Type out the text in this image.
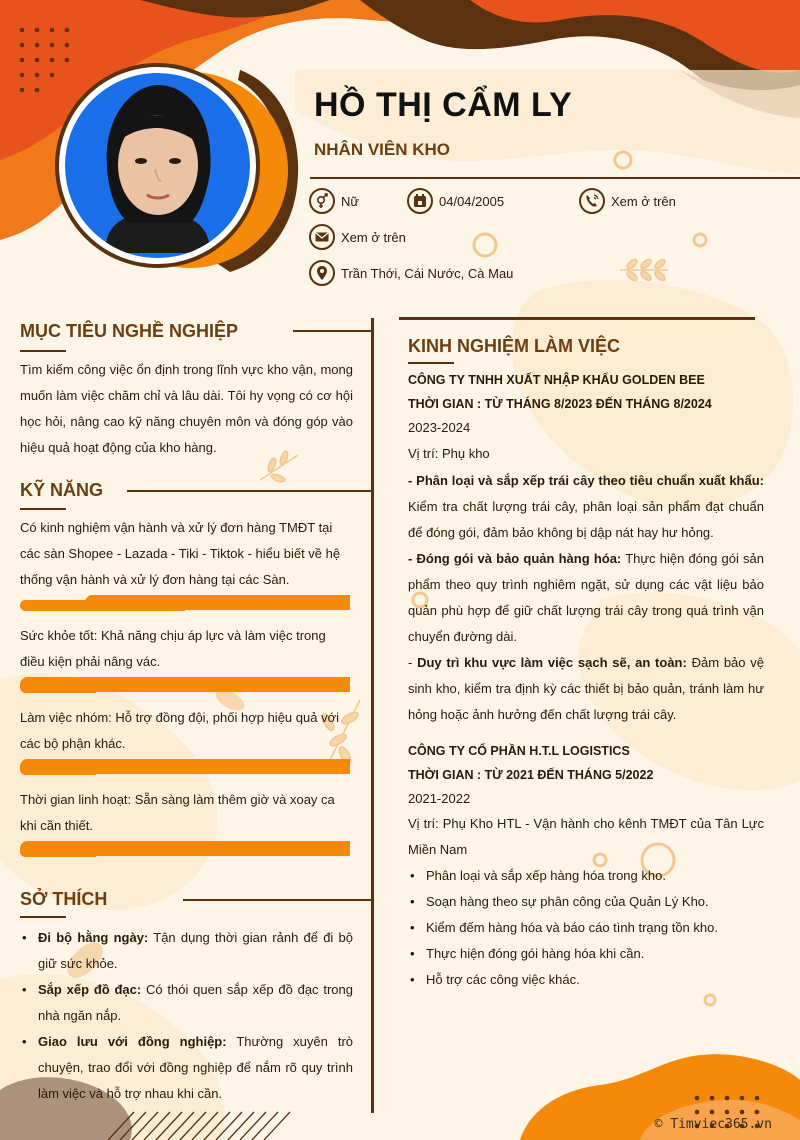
HỒ THỊ CẨM LY
NHÂN VIÊN KHO
Nữ	04/04/2005	Xem ở trên
Xem ở trên
Trần Thới, Cái Nước, Cà Mau
MỤC TIÊU NGHỀ NGHIỆP
Tìm kiếm công việc ổn định trong lĩnh vực kho vận, mong muốn làm việc chăm chỉ và lâu dài. Tôi hy vọng có cơ hội học hỏi, nâng cao kỹ năng chuyên môn và đóng góp vào hiệu quả hoạt động của kho hàng.
KỸ NĂNG
Có kinh nghiệm vận hành và xử lý đơn hàng TMĐT tại các sàn Shopee - Lazada - Tiki - Tiktok - hiểu biết về hệ thống vận hành và xử lý đơn hàng tại các Sàn.
Sức khỏe tốt: Khả năng chịu áp lực và làm việc trong điều kiện phải nâng vác.
Làm việc nhóm: Hỗ trợ đồng đội, phối hợp hiệu quả với các bộ phận khác.
Thời gian linh hoạt: Sẵn sàng làm thêm giờ và xoay ca khi cần thiết.
SỞ THÍCH
• Đi bộ hằng ngày: Tận dụng thời gian rảnh để đi bộ giữ sức khỏe.
• Sắp xếp đồ đạc: Có thói quen sắp xếp đồ đạc trong nhà ngăn nắp.
• Giao lưu với đồng nghiệp: Thường xuyên trò chuyện, trao đổi với đồng nghiệp để nắm rõ quy trình làm việc và hỗ trợ nhau khi cần.
KINH NGHIỆM LÀM VIỆC
CÔNG TY TNHH XUẤT NHẬP KHẨU GOLDEN BEE
THỜI GIAN : TỪ THÁNG 8/2023 ĐẾN THÁNG 8/2024
2023-2024
Vị trí: Phụ kho
- Phân loại và sắp xếp trái cây theo tiêu chuẩn xuất khẩu: Kiểm tra chất lượng trái cây, phân loại sản phẩm đạt chuẩn để đóng gói, đảm bảo không bị dập nát hay hư hỏng.
- Đóng gói và bảo quản hàng hóa: Thực hiện đóng gói sản phẩm theo quy trình nghiêm ngặt, sử dụng các vật liệu bảo quản phù hợp để giữ chất lượng trái cây trong quá trình vận chuyển đường dài.
- Duy trì khu vực làm việc sạch sẽ, an toàn: Đảm bảo vệ sinh kho, kiểm tra định kỳ các thiết bị bảo quản, tránh làm hư hỏng hoặc ảnh hưởng đến chất lượng trái cây.
CÔNG TY CỔ PHẦN H.T.L LOGISTICS
THỜI GIAN : TỪ 2021 ĐẾN THÁNG 5/2022
2021-2022
Vị trí: Phụ Kho HTL - Vận hành cho kênh TMĐT của Tân Lực Miền Nam
• Phân loại và sắp xếp hàng hóa trong kho.
• Soạn hàng theo sự phân công của Quản Lý Kho.
• Kiểm đếm hàng hóa và báo cáo tình trạng tồn kho.
• Thực hiện đóng gói hàng hóa khi cần.
• Hỗ trợ các công việc khác.
© Timviec365.vn
